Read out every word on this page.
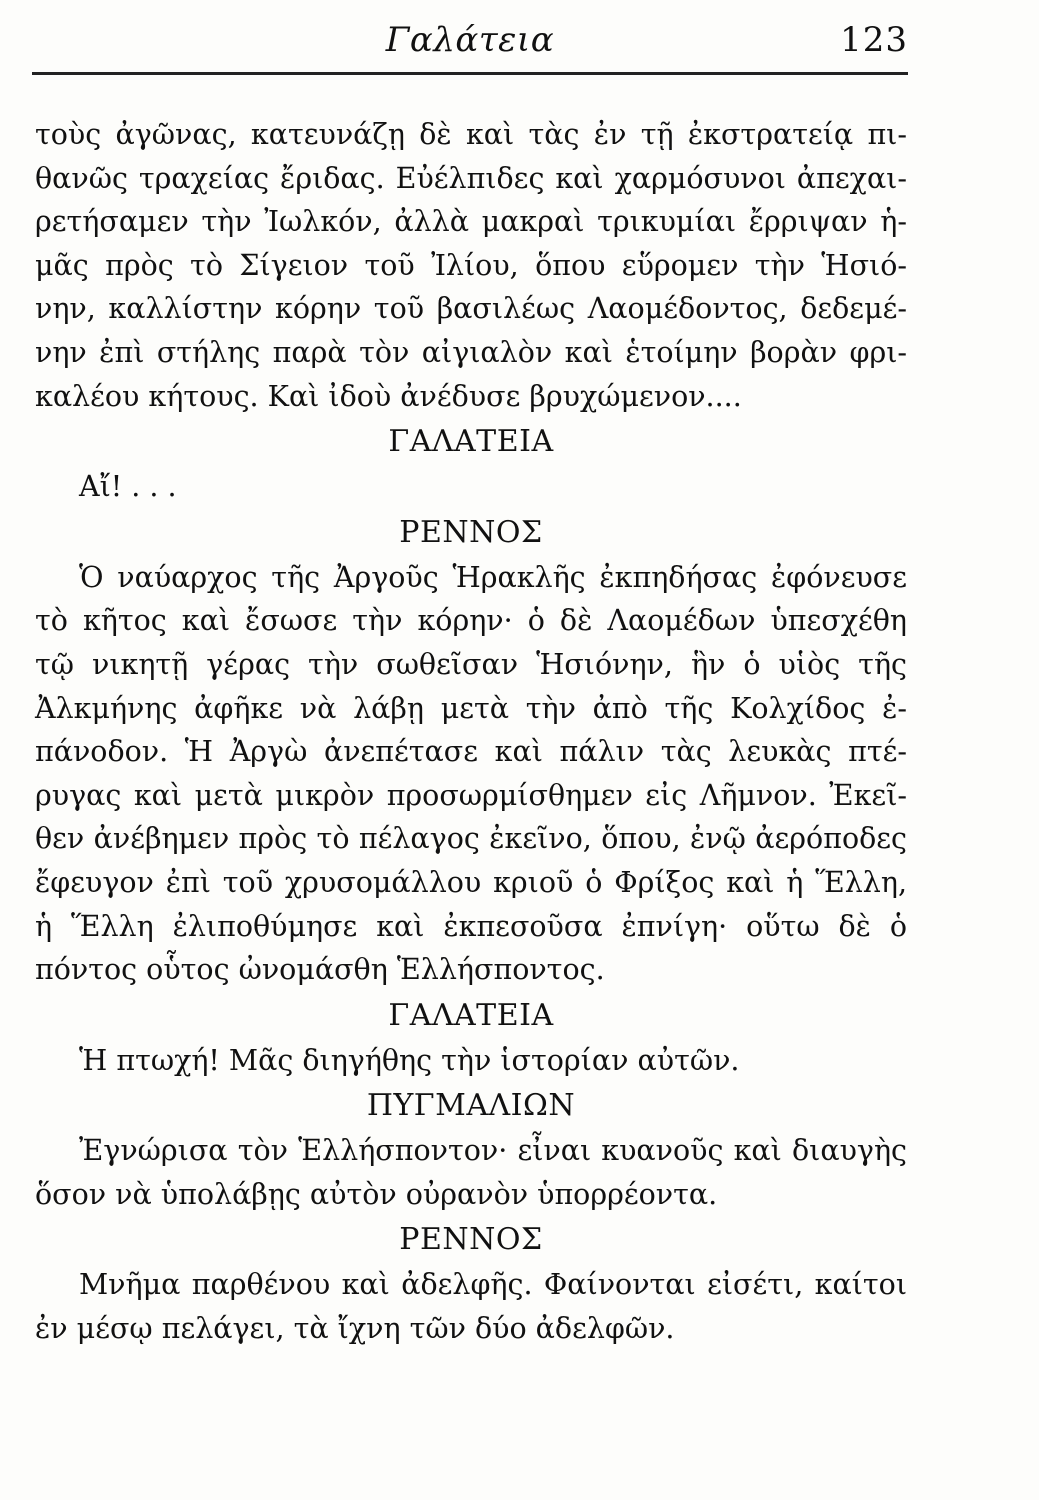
Γαλάτεια	123
τοὺς ἀγῶνας, κατευνάζῃ δὲ καὶ τὰς ἐν τῇ ἐκστρατείᾳ πι-
θανῶς τραχείας ἔριδας. Εὐέλπιδες καὶ χαρμόσυνοι ἀπεχαι-
ρετήσαμεν τὴν Ἰωλκόν, ἀλλὰ μακραὶ τρικυμίαι ἔρριψαν ἡ-
μᾶς πρὸς τὸ Σίγειον τοῦ Ἰλίου, ὅπου εὕρομεν τὴν Ἡσιό-
νην, καλλίστην κόρην τοῦ βασιλέως Λαομέδοντος, δεδεμέ-
νην ἐπὶ στήλης παρὰ τὸν αἰγιαλὸν καὶ ἑτοίμην βορὰν φρι-
καλέου κήτους. Καὶ ἰδοὺ ἀνέδυσε βρυχώμενον....
ΓΑΛΑΤΕΙΑ
Αἴ! . . .
ΡΕΝΝΟΣ
Ὁ ναύαρχος τῆς Ἀργοῦς Ἡρακλῆς ἐκπηδήσας ἐφόνευσε
τὸ κῆτος καὶ ἔσωσε τὴν κόρην· ὁ δὲ Λαομέδων ὑπεσχέθη
τῷ νικητῇ γέρας τὴν σωθεῖσαν Ἡσιόνην, ἣν ὁ υἱὸς τῆς
Ἀλκμήνης ἀφῆκε νὰ λάβῃ μετὰ τὴν ἀπὸ τῆς Κολχίδος ἐ-
πάνοδον. Ἡ Ἀργὼ ἀνεπέτασε καὶ πάλιν τὰς λευκὰς πτέ-
ρυγας καὶ μετὰ μικρὸν προσωρμίσθημεν εἰς Λῆμνον. Ἐκεῖ-
θεν ἀνέβημεν πρὸς τὸ πέλαγος ἐκεῖνο, ὅπου, ἐνῷ ἀερόποδες
ἔφευγον ἐπὶ τοῦ χρυσομάλλου κριοῦ ὁ Φρίξος καὶ ἡ Ἕλλη,
ἡ Ἕλλη ἐλιποθύμησε καὶ ἐκπεσοῦσα ἐπνίγη· οὕτω δὲ ὁ
πόντος οὗτος ὠνομάσθη Ἑλλήσποντος.
ΓΑΛΑΤΕΙΑ
Ἡ πτωχή! Μᾶς διηγήθης τὴν ἱστορίαν αὐτῶν.
ΠΥΓΜΑΛΙΩΝ
Ἐγνώρισα τὸν Ἑλλήσποντον· εἶναι κυανοῦς καὶ διαυγὴς
ὅσον νὰ ὑπολάβῃς αὐτὸν οὐρανὸν ὑπορρέοντα.
ΡΕΝΝΟΣ
Μνῆμα παρθένου καὶ ἀδελφῆς. Φαίνονται εἰσέτι, καίτοι
ἐν μέσῳ πελάγει, τὰ ἴχνη τῶν δύο ἀδελφῶν.
